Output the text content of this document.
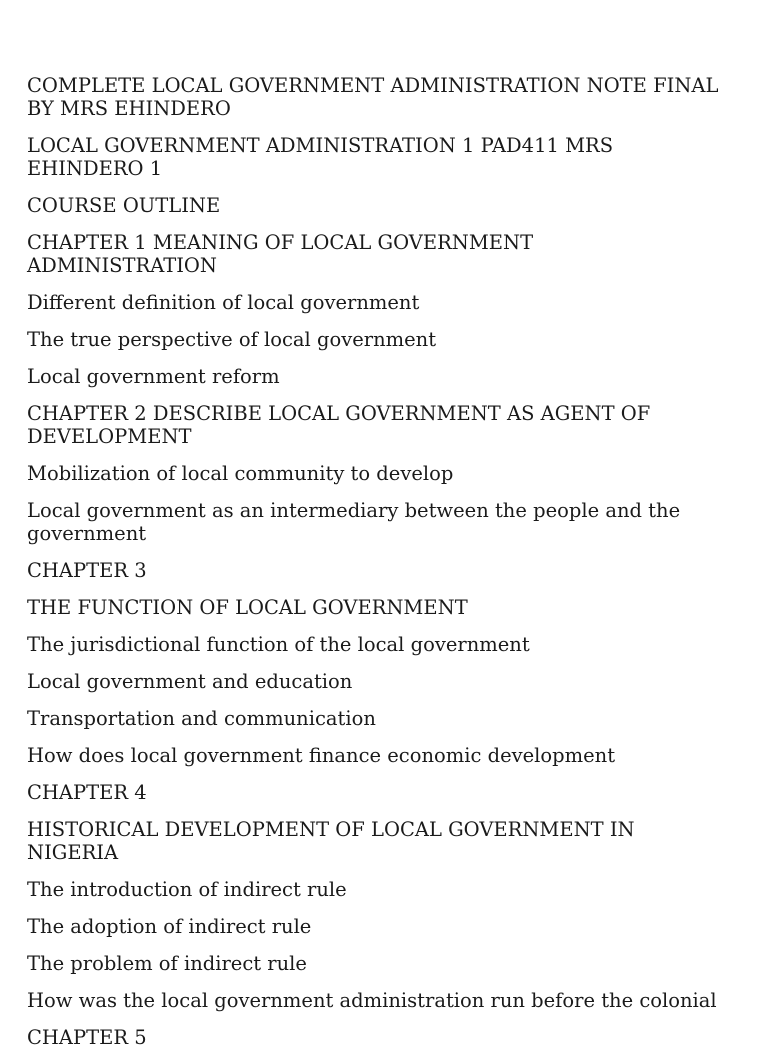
COMPLETE LOCAL GOVERNMENT ADMINISTRATION NOTE FINAL BY MRS EHINDERO
LOCAL GOVERNMENT ADMINISTRATION 1 PAD411 MRS EHINDERO 1
COURSE OUTLINE
CHAPTER 1 MEANING OF LOCAL GOVERNMENT ADMINISTRATION
Different definition of local government
The true perspective of local government
Local government reform
CHAPTER 2 DESCRIBE LOCAL GOVERNMENT AS AGENT OF DEVELOPMENT
Mobilization of local community to develop
Local government as an intermediary between the people and the government
CHAPTER 3
THE FUNCTION OF LOCAL GOVERNMENT
The jurisdictional function of the local government
Local government and education
Transportation and communication
How does local government finance economic development
CHAPTER 4
HISTORICAL DEVELOPMENT OF LOCAL GOVERNMENT IN NIGERIA
The introduction of indirect rule
The adoption of indirect rule
The problem of indirect rule
How was the local government administration run before the colonial
CHAPTER 5
